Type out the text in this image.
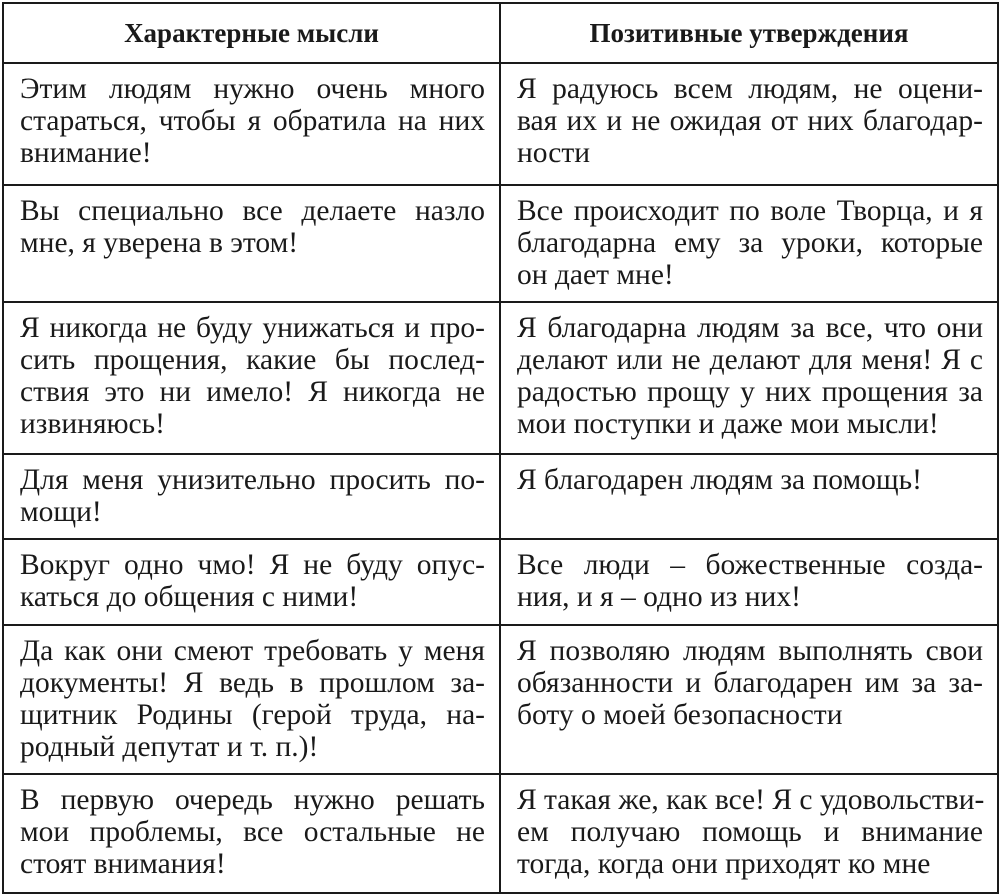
Характерные мысли	Позитивные утверждения

Этим людям нужно очень много
стараться, чтобы я обратила на них
внимание!	Я радуюсь всем людям, не оцени-
вая их и не ожидая от них благодар-
ности

Вы специально все делаете назло
мне, я уверена в этом!	Все происходит по воле Творца, и я
благодарна ему за уроки, которые
он дает мне!

Я никогда не буду унижаться и про-
сить прощения, какие бы послед-
ствия это ни имело! Я никогда не
извиняюсь!	Я благодарна людям за все, что они
делают или не делают для меня! Я с
радостью прощу у них прощения за
мои поступки и даже мои мысли!

Для меня унизительно просить по-
мощи!	Я благодарен людям за помощь!

Вокруг одно чмо! Я не буду опус-
каться до общения с ними!	Все люди – божественные созда-
ния, и я – одно из них!

Да как они смеют требовать у меня
документы! Я ведь в прошлом за-
щитник Родины (герой труда, на-
родный депутат и т. п.)!	Я позволяю людям выполнять свои
обязанности и благодарен им за за-
боту о моей безопасности

В первую очередь нужно решать
мои проблемы, все остальные не
стоят внимания!	Я такая же, как все! Я с удовольстви-
ем получаю помощь и внимание
тогда, когда они приходят ко мне
